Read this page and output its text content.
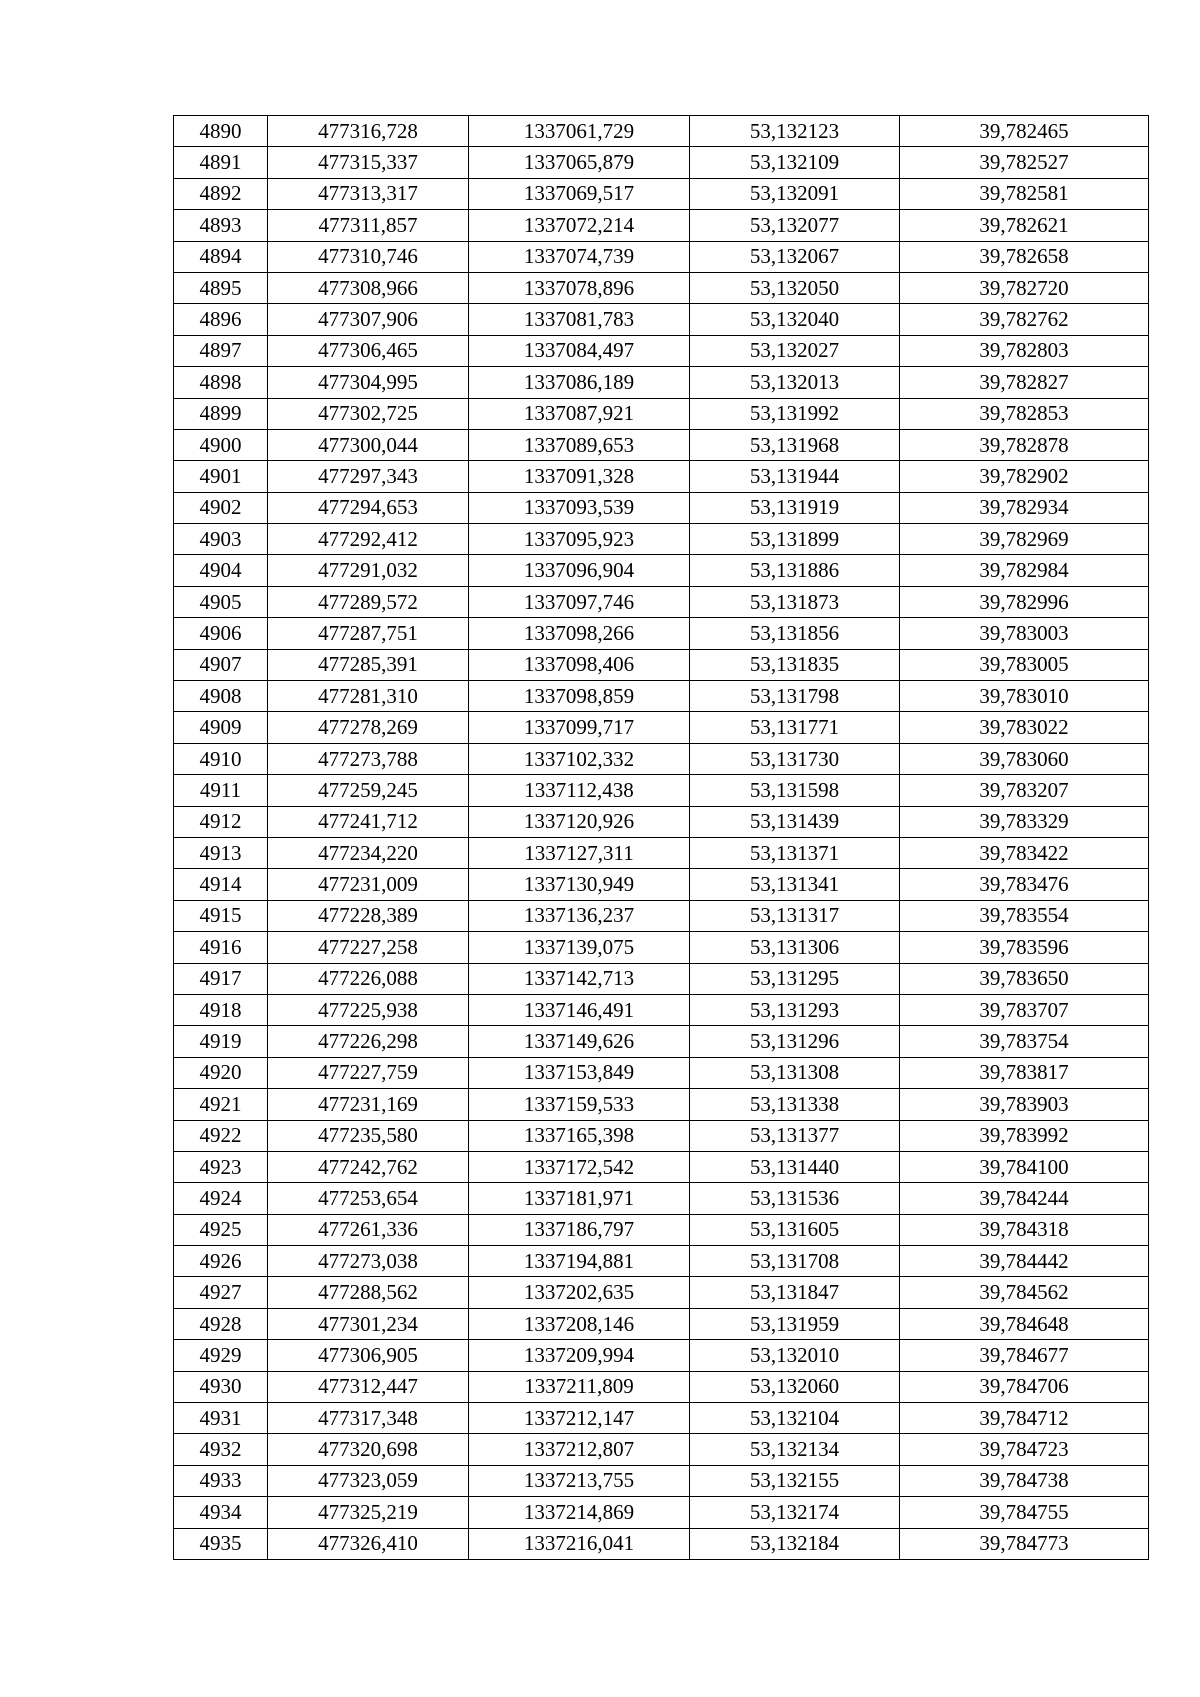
4890	477316,728	1337061,729	53,132123	39,782465
4891	477315,337	1337065,879	53,132109	39,782527
4892	477313,317	1337069,517	53,132091	39,782581
4893	477311,857	1337072,214	53,132077	39,782621
4894	477310,746	1337074,739	53,132067	39,782658
4895	477308,966	1337078,896	53,132050	39,782720
4896	477307,906	1337081,783	53,132040	39,782762
4897	477306,465	1337084,497	53,132027	39,782803
4898	477304,995	1337086,189	53,132013	39,782827
4899	477302,725	1337087,921	53,131992	39,782853
4900	477300,044	1337089,653	53,131968	39,782878
4901	477297,343	1337091,328	53,131944	39,782902
4902	477294,653	1337093,539	53,131919	39,782934
4903	477292,412	1337095,923	53,131899	39,782969
4904	477291,032	1337096,904	53,131886	39,782984
4905	477289,572	1337097,746	53,131873	39,782996
4906	477287,751	1337098,266	53,131856	39,783003
4907	477285,391	1337098,406	53,131835	39,783005
4908	477281,310	1337098,859	53,131798	39,783010
4909	477278,269	1337099,717	53,131771	39,783022
4910	477273,788	1337102,332	53,131730	39,783060
4911	477259,245	1337112,438	53,131598	39,783207
4912	477241,712	1337120,926	53,131439	39,783329
4913	477234,220	1337127,311	53,131371	39,783422
4914	477231,009	1337130,949	53,131341	39,783476
4915	477228,389	1337136,237	53,131317	39,783554
4916	477227,258	1337139,075	53,131306	39,783596
4917	477226,088	1337142,713	53,131295	39,783650
4918	477225,938	1337146,491	53,131293	39,783707
4919	477226,298	1337149,626	53,131296	39,783754
4920	477227,759	1337153,849	53,131308	39,783817
4921	477231,169	1337159,533	53,131338	39,783903
4922	477235,580	1337165,398	53,131377	39,783992
4923	477242,762	1337172,542	53,131440	39,784100
4924	477253,654	1337181,971	53,131536	39,784244
4925	477261,336	1337186,797	53,131605	39,784318
4926	477273,038	1337194,881	53,131708	39,784442
4927	477288,562	1337202,635	53,131847	39,784562
4928	477301,234	1337208,146	53,131959	39,784648
4929	477306,905	1337209,994	53,132010	39,784677
4930	477312,447	1337211,809	53,132060	39,784706
4931	477317,348	1337212,147	53,132104	39,784712
4932	477320,698	1337212,807	53,132134	39,784723
4933	477323,059	1337213,755	53,132155	39,784738
4934	477325,219	1337214,869	53,132174	39,784755
4935	477326,410	1337216,041	53,132184	39,784773
